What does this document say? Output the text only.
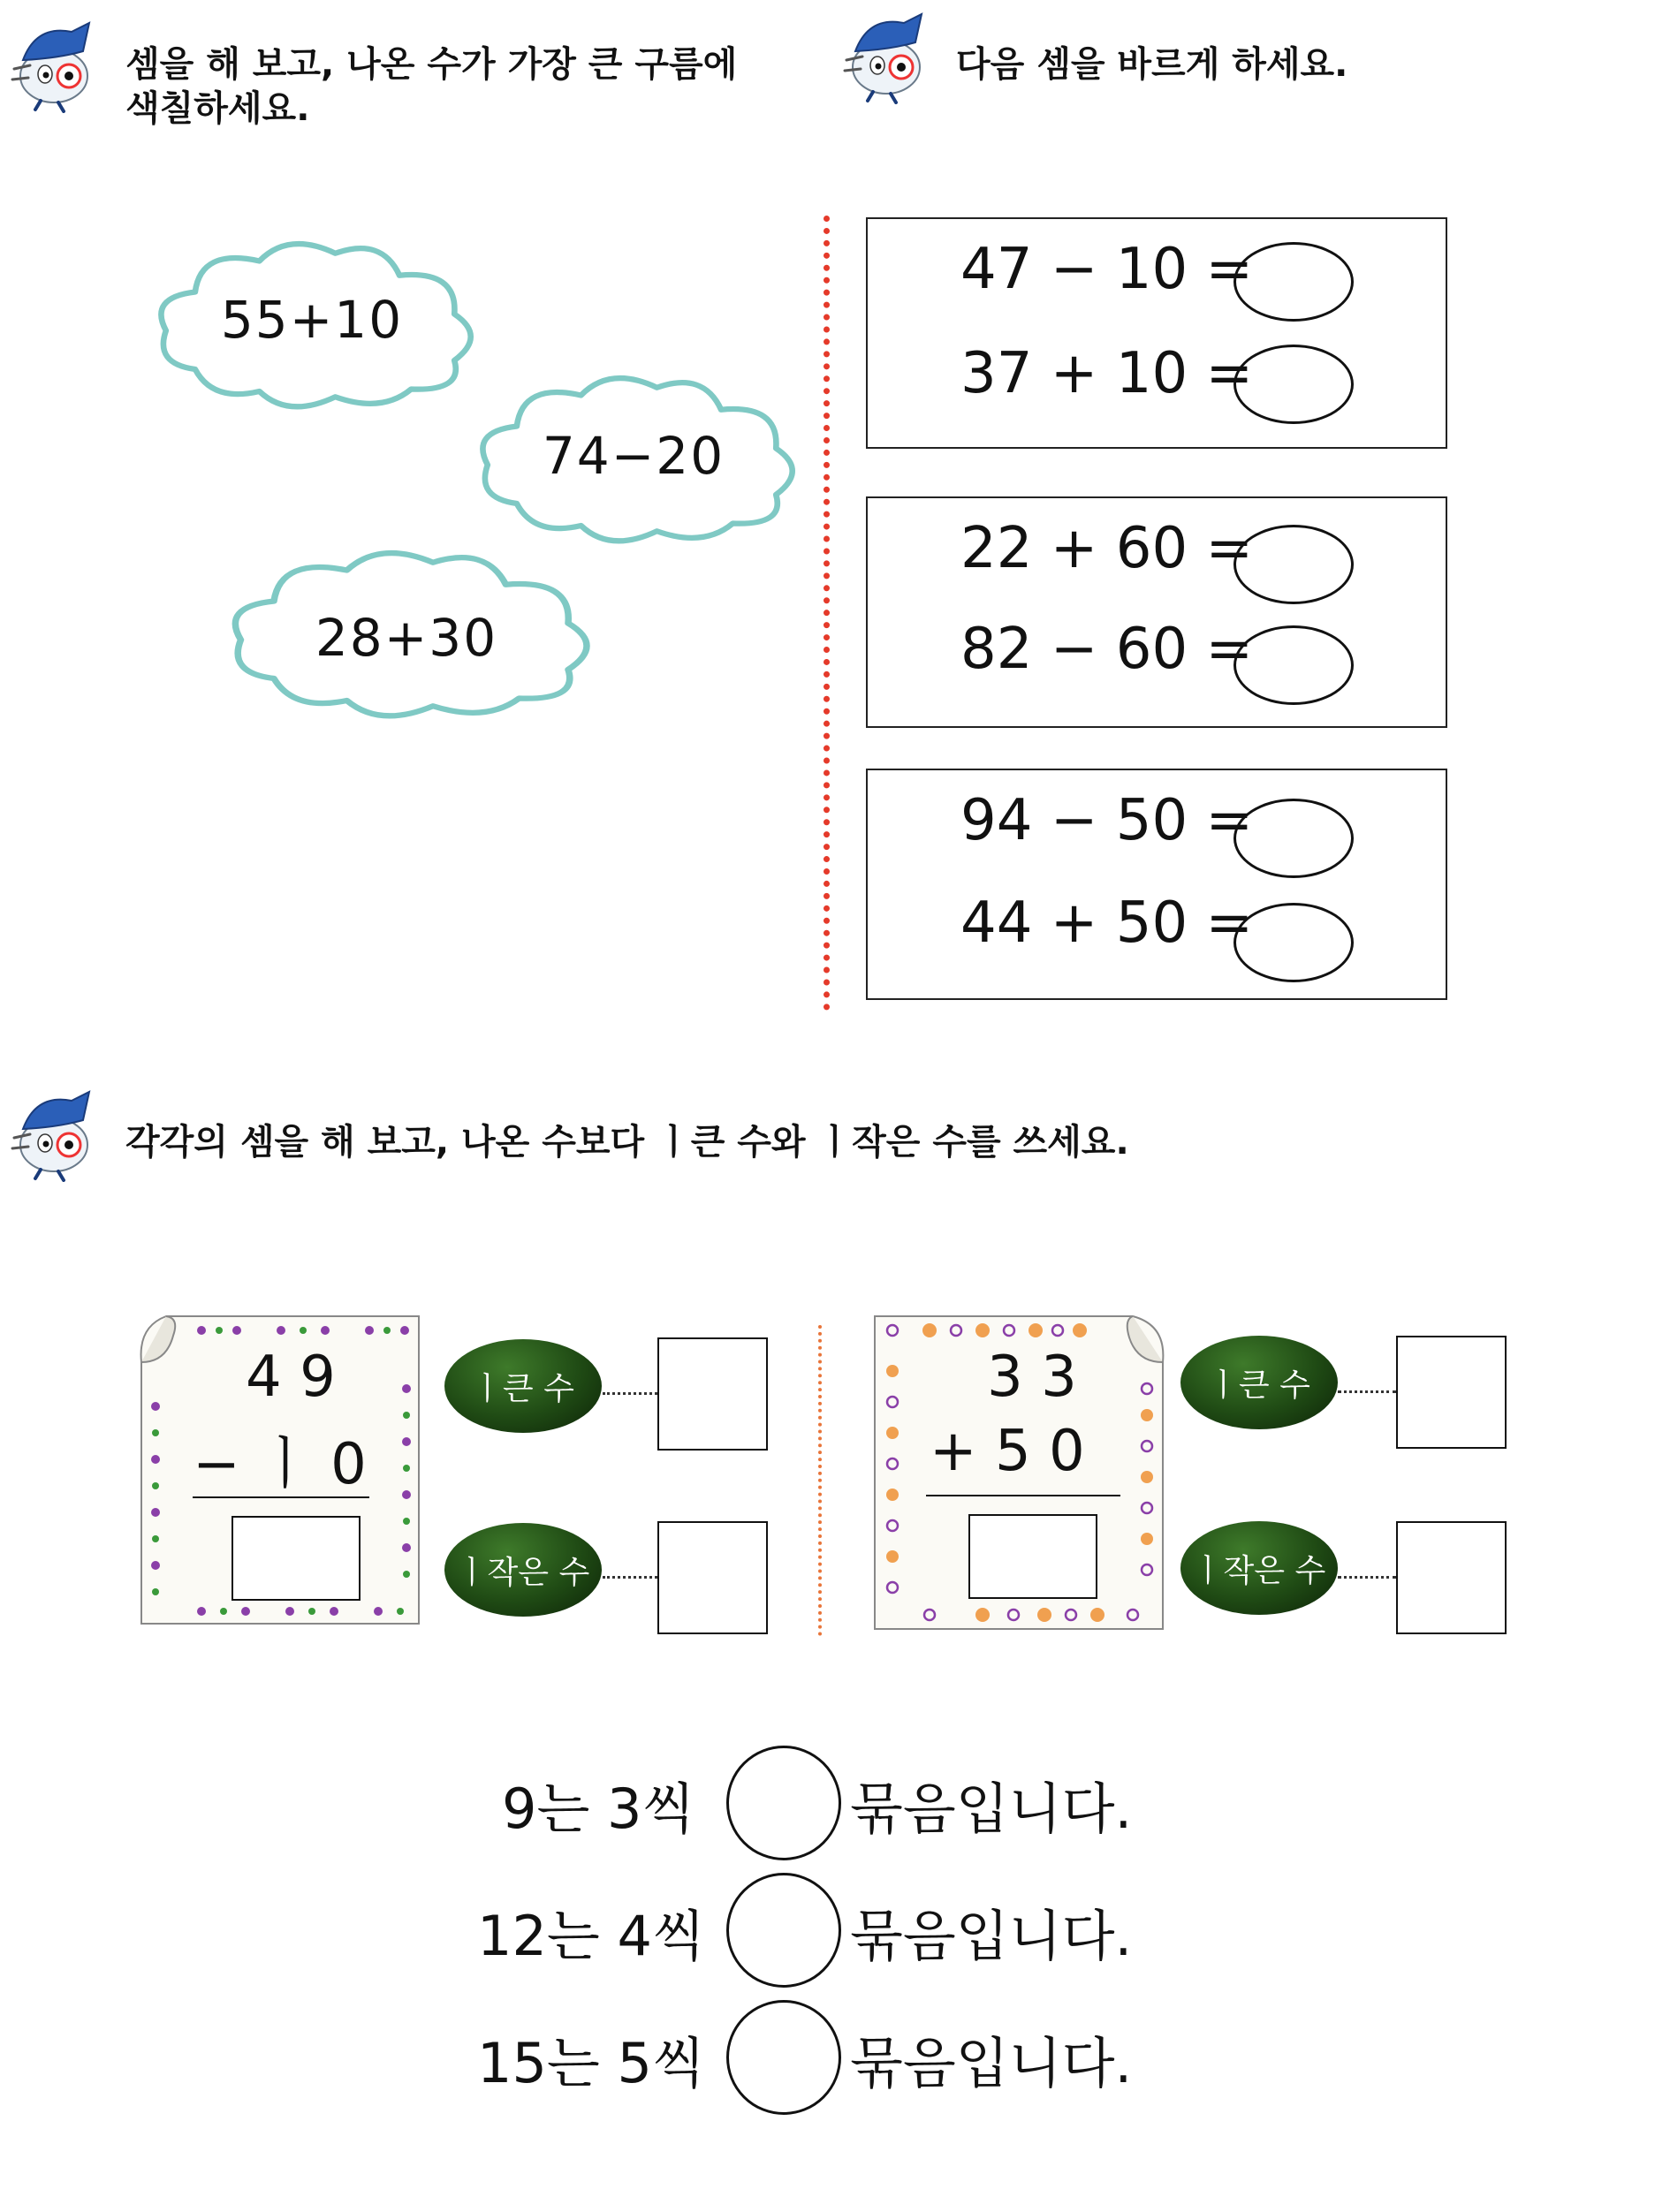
셈을 해 보고, 나온 수가 가장 큰 구름에
색칠하세요.
55+10
74−20
28+30
다음 셈을 바르게 하세요.
47 − 10 =
37 + 10 =
22 + 60 =
82 − 60 =
94 − 50 =
44 + 50 =
각각의 셈을 해 보고, 나온 수보다 ㅣ큰 수와 ㅣ작은 수를 쓰세요.
4 9
− ㅣ 0
ㅣ큰 수
ㅣ작은 수
3 3
+ 5 0
ㅣ큰 수
ㅣ작은 수
9는 3씩	묶음입니다.
12는 4씩	묶음입니다.
15는 5씩	묶음입니다.
